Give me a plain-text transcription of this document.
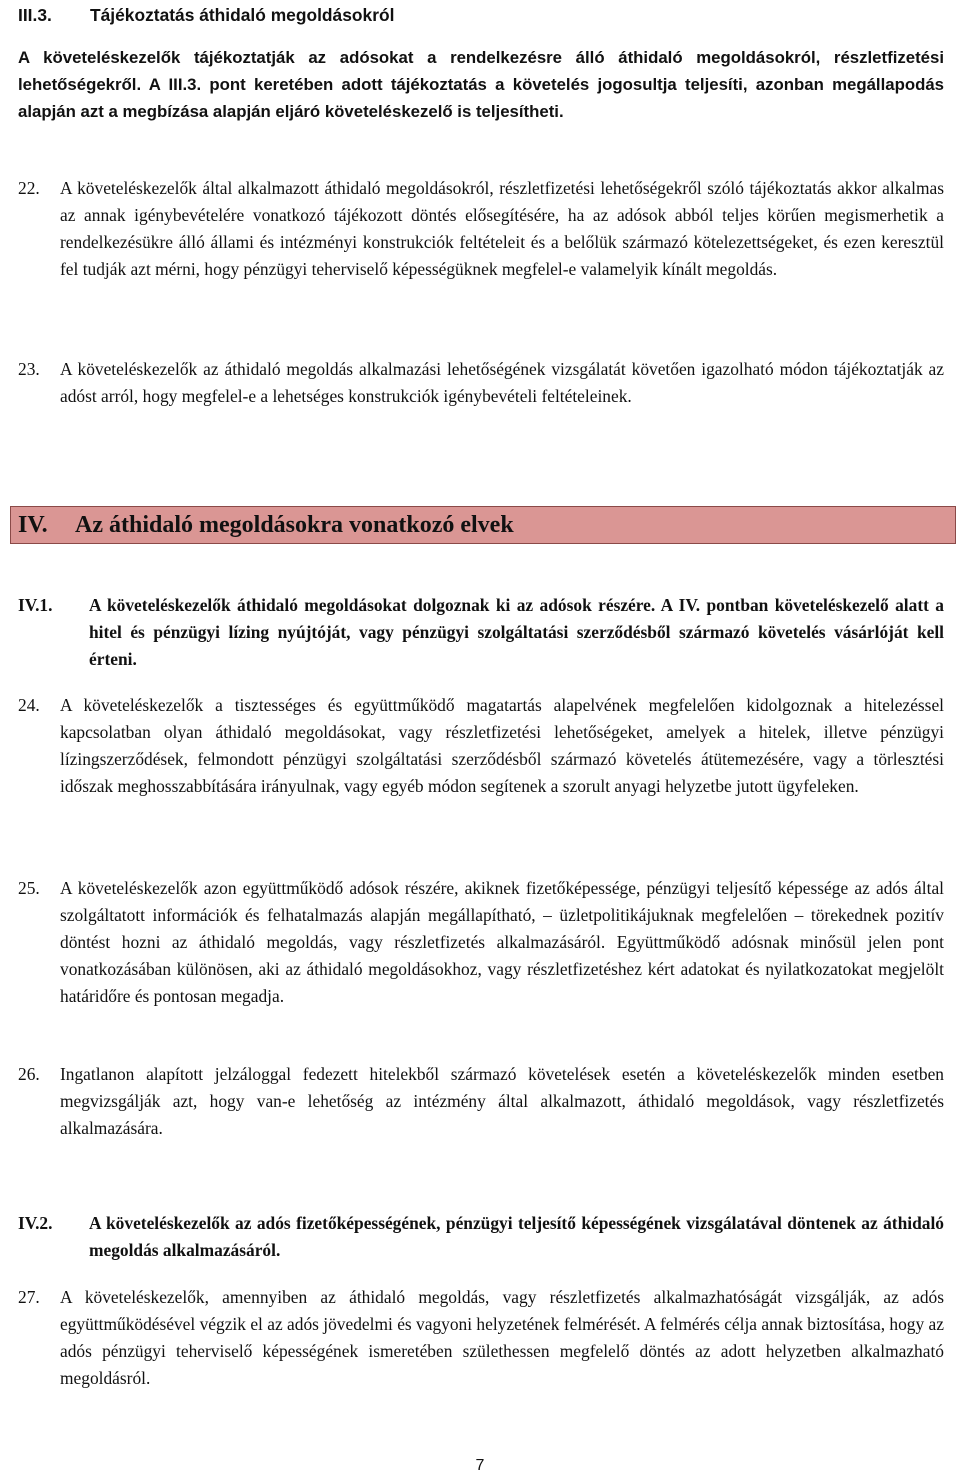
III.3. Tájékoztatás áthidaló megoldásokról
A követeléskezelők tájékoztatják az adósokat a rendelkezésre álló áthidaló megoldásokról, részletfizetési lehetőségekről. A III.3. pont keretében adott tájékoztatás a követelés jogosultja teljesíti, azonban megállapodás alapján azt a megbízása alapján eljáró követeléskezelő is teljesítheti.
22. A követeléskezelők által alkalmazott áthidaló megoldásokról, részletfizetési lehetőségekről szóló tájékoztatás akkor alkalmas az annak igénybevételére vonatkozó tájékozott döntés elősegítésére, ha az adósok abból teljes körűen megismerhetik a rendelkezésükre álló állami és intézményi konstrukciók feltételeit és a belőlük származó kötelezettségeket, és ezen keresztül fel tudják azt mérni, hogy pénzügyi teherviselő képességüknek megfelel-e valamelyik kínált megoldás.
23. A követeléskezelők az áthidaló megoldás alkalmazási lehetőségének vizsgálatát követően igazolható módon tájékoztatják az adóst arról, hogy megfelel-e a lehetséges konstrukciók igénybevételi feltételeinek.
IV. Az áthidaló megoldásokra vonatkozó elvek
IV.1. A követeléskezelők áthidaló megoldásokat dolgoznak ki az adósok részére. A IV. pontban követeléskezelő alatt a hitel és pénzügyi lízing nyújtóját, vagy pénzügyi szolgáltatási szerződésből származó követelés vásárlóját kell érteni.
24. A követeléskezelők a tisztességes és együttműködő magatartás alapelvének megfelelően kidolgoznak a hitelezéssel kapcsolatban olyan áthidaló megoldásokat, vagy részletfizetési lehetőségeket, amelyek a hitelek, illetve pénzügyi lízingszerződések, felmondott pénzügyi szolgáltatási szerződésből származó követelés átütemezésére, vagy a törlesztési időszak meghosszabbítására irányulnak, vagy egyéb módon segítenek a szorult anyagi helyzetbe jutott ügyfeleken.
25. A követeléskezelők azon együttműködő adósok részére, akiknek fizetőképessége, pénzügyi teljesítő képessége az adós által szolgáltatott információk és felhatalmazás alapján megállapítható, – üzletpolitikájuknak megfelelően – törekednek pozitív döntést hozni az áthidaló megoldás, vagy részletfizetés alkalmazásáról. Együttműködő adósnak minősül jelen pont vonatkozásában különösen, aki az áthidaló megoldásokhoz, vagy részletfizetéshez kért adatokat és nyilatkozatokat megjelölt határidőre és pontosan megadja.
26. Ingatlanon alapított jelzáloggal fedezett hitelekből származó követelések esetén a követeléskezelők minden esetben megvizsgálják azt, hogy van-e lehetőség az intézmény által alkalmazott, áthidaló megoldások, vagy részletfizetés alkalmazására.
IV.2. A követeléskezelők az adós fizetőképességének, pénzügyi teljesítő képességének vizsgálatával döntenek az áthidaló megoldás alkalmazásáról.
27. A követeléskezelők, amennyiben az áthidaló megoldás, vagy részletfizetés alkalmazhatóságát vizsgálják, az adós együttműködésével végzik el az adós jövedelmi és vagyoni helyzetének felmérését. A felmérés célja annak biztosítása, hogy az adós pénzügyi teherviselő képességének ismeretében születhessen megfelelő döntés az adott helyzetben alkalmazható megoldásról.
7
